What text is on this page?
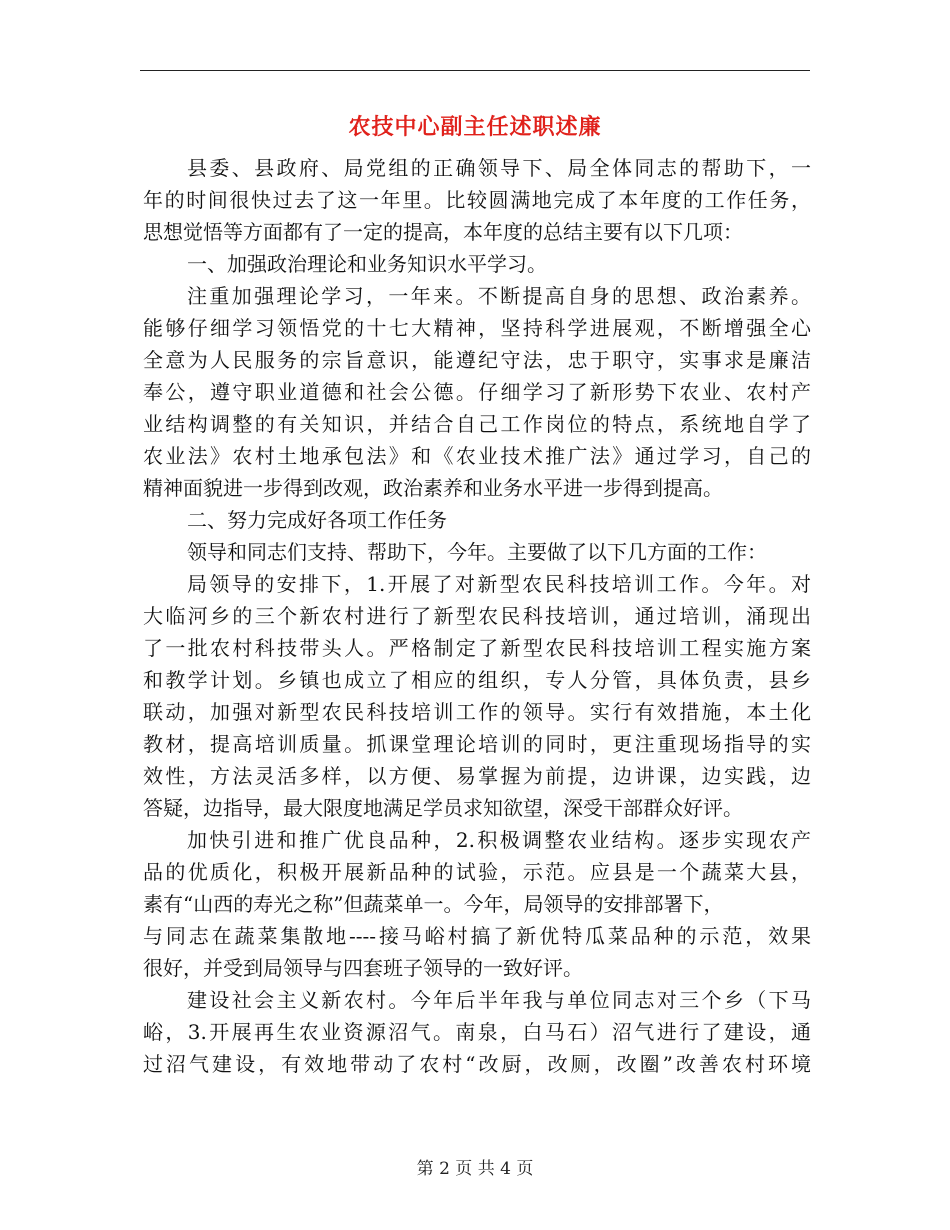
农技中心副主任述职述廉
县委、县政府、局党组的正确领导下、局全体同志的帮助下，一
年的时间很快过去了这一年里。比较圆满地完成了本年度的工作任务，
思想觉悟等方面都有了一定的提高，本年度的总结主要有以下几项：
一、加强政治理论和业务知识水平学习。
注重加强理论学习，一年来。不断提高自身的思想、政治素养。
能够仔细学习领悟党的十七大精神，坚持科学进展观，不断增强全心
全意为人民服务的宗旨意识，能遵纪守法，忠于职守，实事求是廉洁
奉公，遵守职业道德和社会公德。仔细学习了新形势下农业、农村产
业结构调整的有关知识，并结合自己工作岗位的特点，系统地自学了
农业法》农村土地承包法》和《农业技术推广法》通过学习，自己的
精神面貌进一步得到改观，政治素养和业务水平进一步得到提高。
二、努力完成好各项工作任务
领导和同志们支持、帮助下，今年。主要做了以下几方面的工作：
局领导的安排下，1.开展了对新型农民科技培训工作。今年。对
大临河乡的三个新农村进行了新型农民科技培训，通过培训，涌现出
了一批农村科技带头人。严格制定了新型农民科技培训工程实施方案
和教学计划。乡镇也成立了相应的组织，专人分管，具体负责，县乡
联动，加强对新型农民科技培训工作的领导。实行有效措施，本土化
教材，提高培训质量。抓课堂理论培训的同时，更注重现场指导的实
效性，方法灵活多样，以方便、易掌握为前提，边讲课，边实践，边
答疑，边指导，最大限度地满足学员求知欲望，深受干部群众好评。
加快引进和推广优良品种，2.积极调整农业结构。逐步实现农产
品的优质化，积极开展新品种的试验，示范。应县是一个蔬菜大县，
素有“山西的寿光之称”但蔬菜单一。今年，局领导的安排部署下，
与同志在蔬菜集散地----接马峪村搞了新优特瓜菜品种的示范，效果
很好，并受到局领导与四套班子领导的一致好评。
建设社会主义新农村。今年后半年我与单位同志对三个乡（下马
峪，3.开展再生农业资源沼气。南泉，白马石）沼气进行了建设，通
过沼气建设，有效地带动了农村“改厨，改厕，改圈”改善农村环境
第 2 页 共 4 页
